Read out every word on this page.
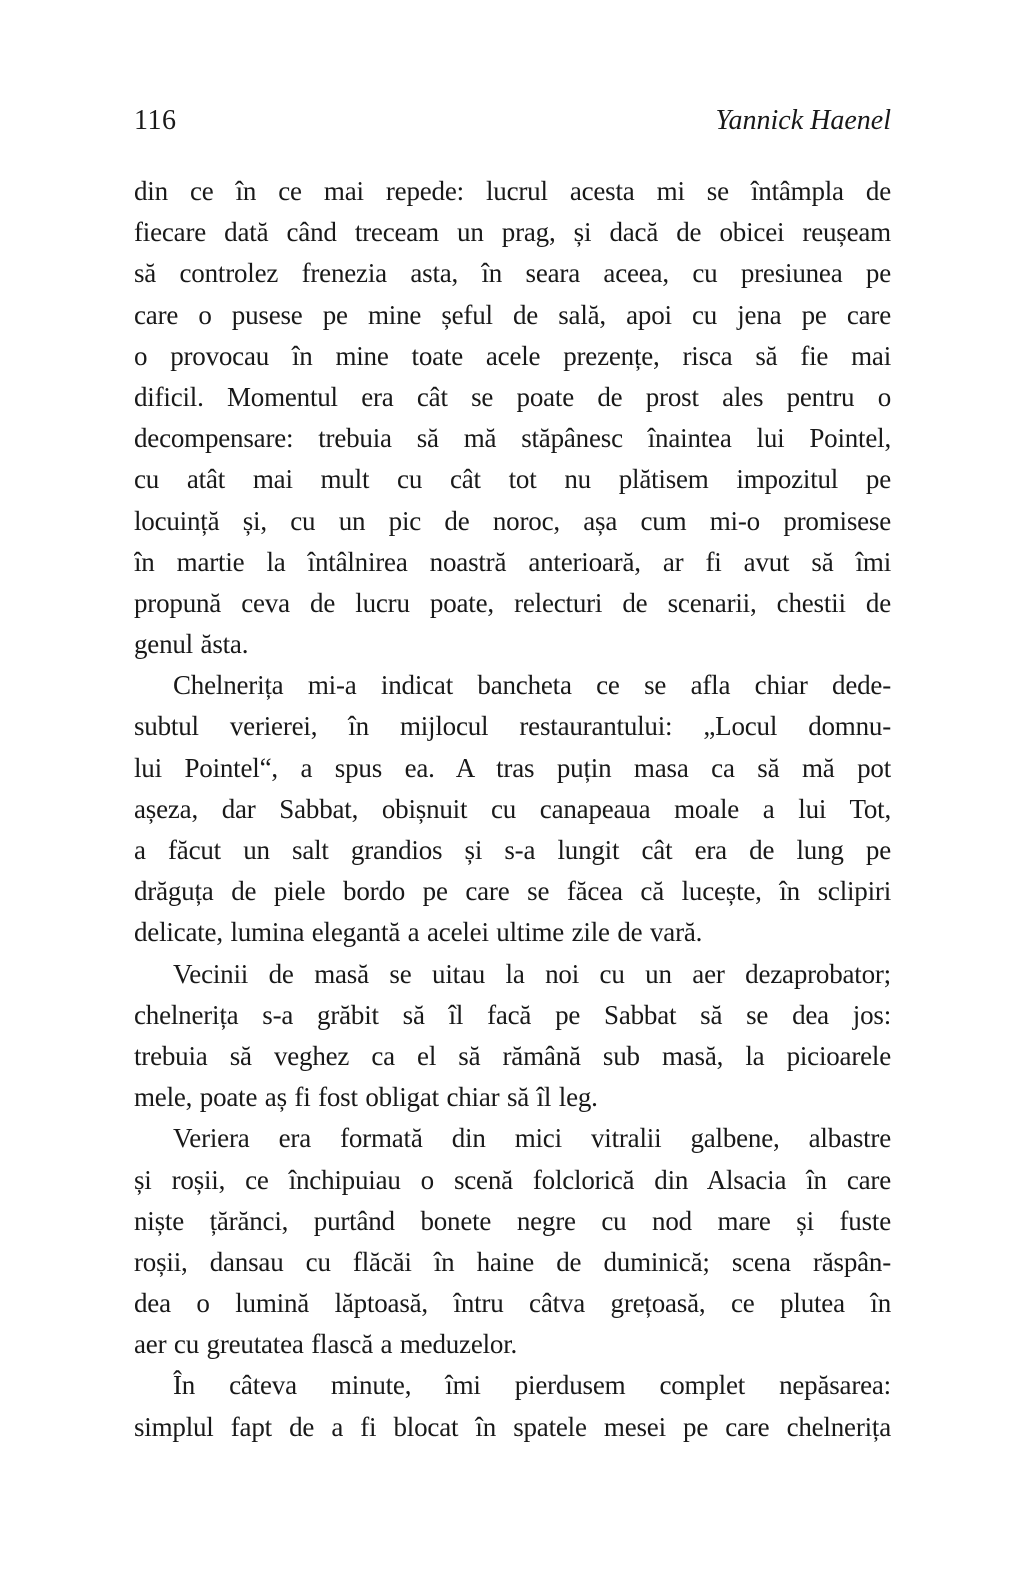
116	Yannick Haenel
din ce în ce mai repede: lucrul acesta mi se întâmpla de
fiecare dată când treceam un prag, și dacă de obicei reușeam
să controlez frenezia asta, în seara aceea, cu presiunea pe
care o pusese pe mine șeful de sală, apoi cu jena pe care
o provocau în mine toate acele prezențe, risca să fie mai
dificil. Momentul era cât se poate de prost ales pentru o
decompensare: trebuia să mă stăpânesc înaintea lui Pointel,
cu atât mai mult cu cât tot nu plătisem impozitul pe
locuință și, cu un pic de noroc, așa cum mi-o promisese
în martie la întâlnirea noastră anterioară, ar fi avut să îmi
propună ceva de lucru poate, relecturi de scenarii, chestii de
genul ăsta.
Chelnerița mi-a indicat bancheta ce se afla chiar dede-
subtul verierei, în mijlocul restaurantului: „Locul domnu-
lui Pointel“, a spus ea. A tras puțin masa ca să mă pot
așeza, dar Sabbat, obișnuit cu canapeaua moale a lui Tot,
a făcut un salt grandios și s-a lungit cât era de lung pe
drăguța de piele bordo pe care se făcea că lucește, în sclipiri
delicate, lumina elegantă a acelei ultime zile de vară.
Vecinii de masă se uitau la noi cu un aer dezaprobator;
chelnerița s-a grăbit să îl facă pe Sabbat să se dea jos:
trebuia să veghez ca el să rămână sub masă, la picioarele
mele, poate aș fi fost obligat chiar să îl leg.
Veriera era formată din mici vitralii galbene, albastre
și roșii, ce închipuiau o scenă folclorică din Alsacia în care
niște țărănci, purtând bonete negre cu nod mare și fuste
roșii, dansau cu flăcăi în haine de duminică; scena răspân-
dea o lumină lăptoasă, întru câtva grețoasă, ce plutea în
aer cu greutatea flască a meduzelor.
În câteva minute, îmi pierdusem complet nepăsarea:
simplul fapt de a fi blocat în spatele mesei pe care chelnerița
